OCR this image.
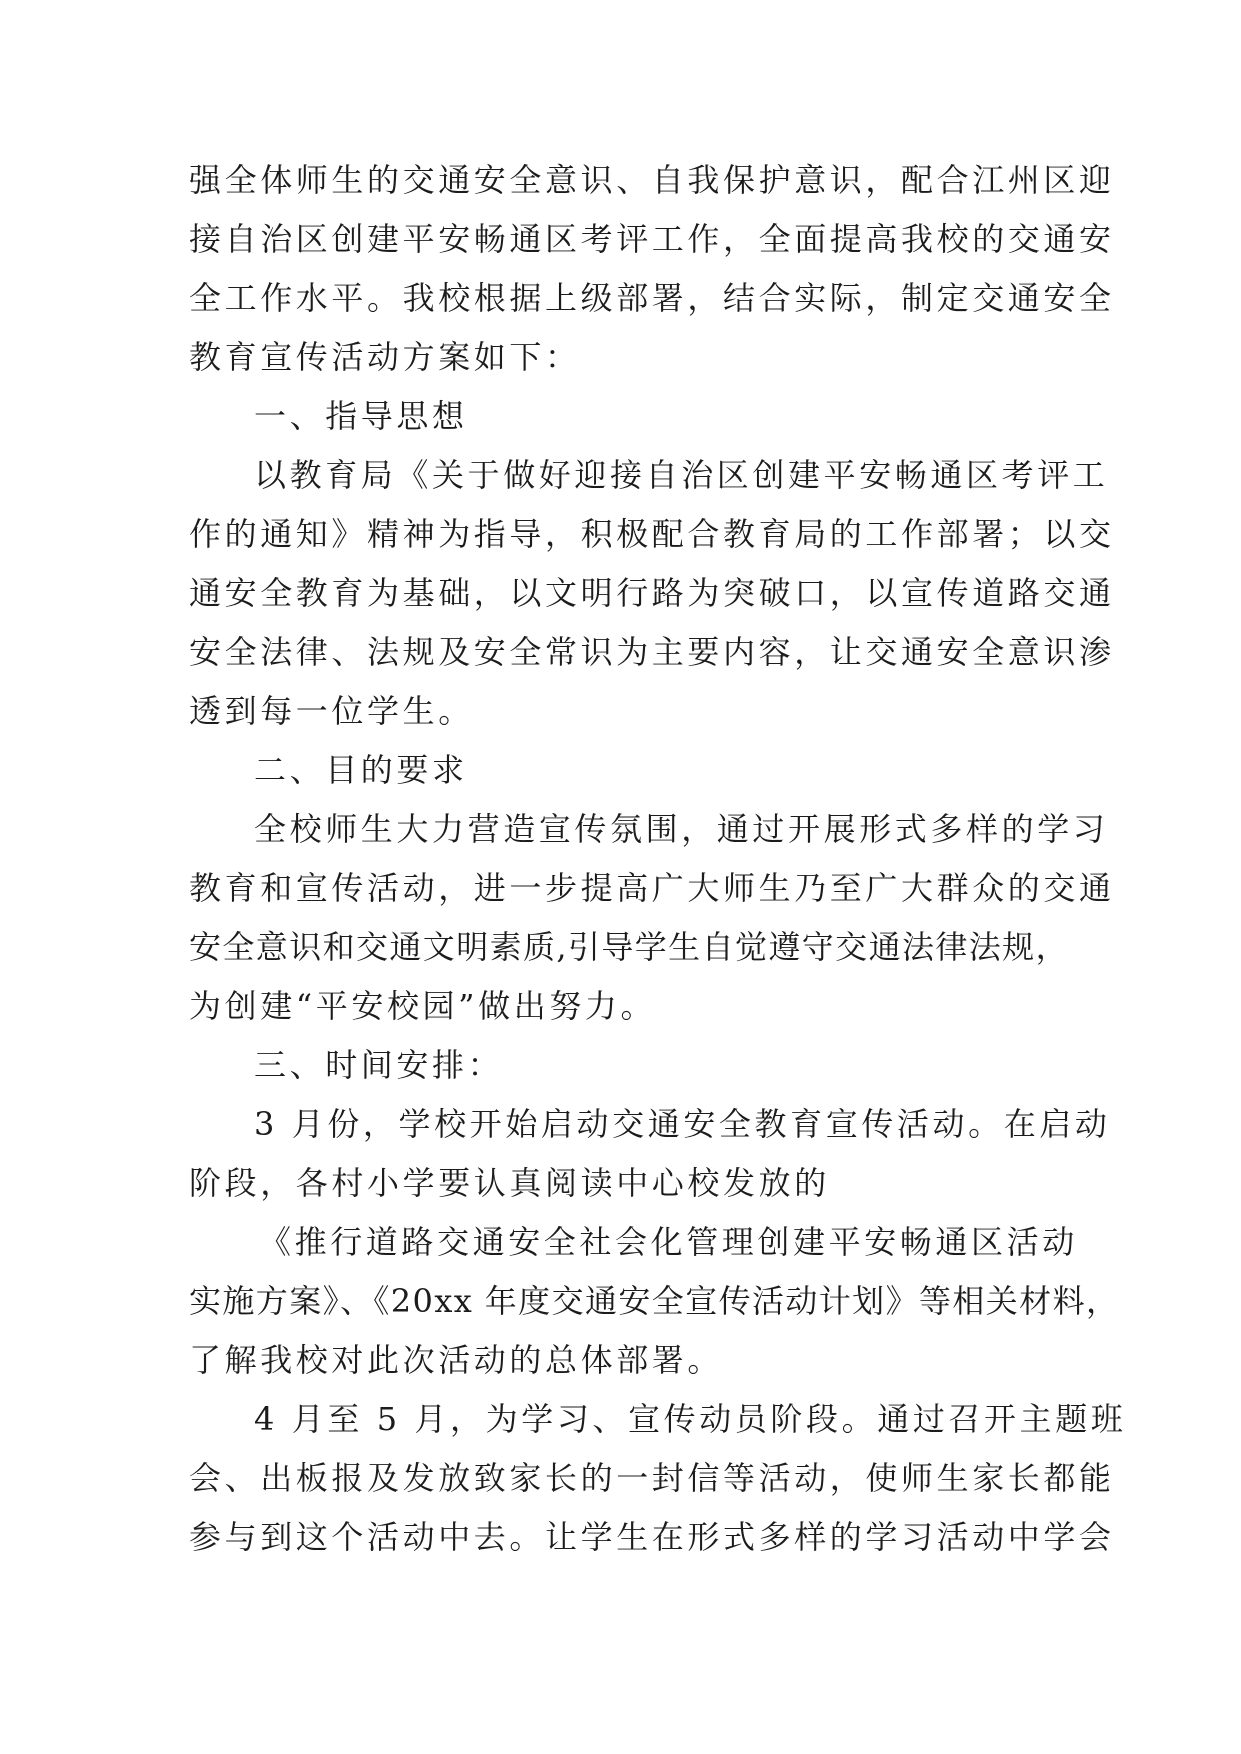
强全体师生的交通安全意识、自我保护意识，配合江州区迎
接自治区创建平安畅通区考评工作，全面提高我校的交通安
全工作水平。我校根据上级部署，结合实际，制定交通安全
教育宣传活动方案如下：
一、指导思想
以教育局《关于做好迎接自治区创建平安畅通区考评工
作的通知》精神为指导，积极配合教育局的工作部署；以交
通安全教育为基础，以文明行路为突破口，以宣传道路交通
安全法律、法规及安全常识为主要内容，让交通安全意识渗
透到每一位学生。
二、目的要求
全校师生大力营造宣传氛围，通过开展形式多样的学习
教育和宣传活动，进一步提高广大师生乃至广大群众的交通
安全意识和交通文明素质,引导学生自觉遵守交通法律法规，
为创建“平安校园”做出努力。
三、时间安排：
3 月份，学校开始启动交通安全教育宣传活动。在启动
阶段，各村小学要认真阅读中心校发放的
《推行道路交通安全社会化管理创建平安畅通区活动
实施方案》、《20xx 年度交通安全宣传活动计划》等相关材料，
了解我校对此次活动的总体部署。
4 月至 5 月，为学习、宣传动员阶段。通过召开主题班
会、出板报及发放致家长的一封信等活动，使师生家长都能
参与到这个活动中去。让学生在形式多样的学习活动中学会
